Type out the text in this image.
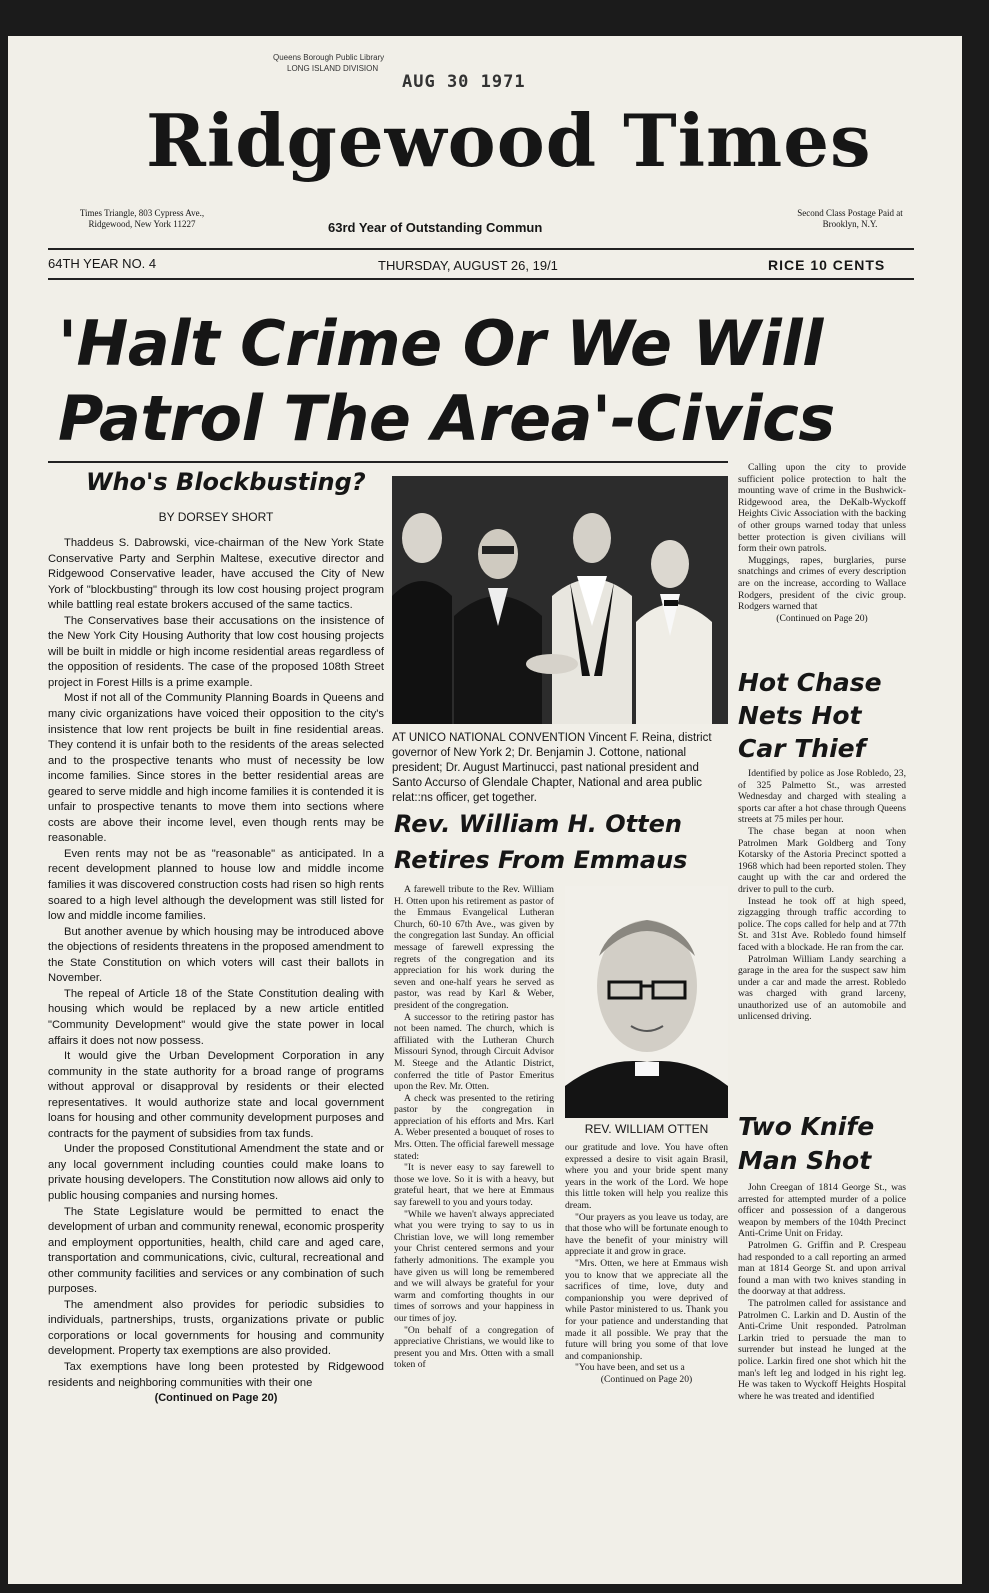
Queens Borough Public Library
LONG ISLAND DIVISION
AUG 30 1971
Ridgewood Times
Times Triangle, 803 Cypress Ave., Ridgewood, New York 11227	63rd Year of Outstanding Commun
Second Class Postage Paid at Brooklyn, N.Y.
64TH YEAR NO. 4	THURSDAY, AUGUST 26, 19/1	RICE 10 CENTS
'Halt Crime Or We Will Patrol The Area'-Civics
Who's Blockbusting?
BY DORSEY SHORT

Thaddeus S. Dabrowski, vice-chairman of the New York State Conservative Party and Serphin Maltese, executive director and Ridgewood Conservative leader, have accused the City of New York of "blockbusting" through its low cost housing project program while battling real estate brokers accused of the same tactics.

The Conservatives base their accusations on the insistence of the New York City Housing Authority that low cost housing projects will be built in middle or high income residential areas regardless of the opposition of residents. The case of the proposed 108th Street project in Forest Hills is a prime example.

Most if not all of the Community Planning Boards in Queens and many civic organizations have voiced their opposition to the city's insistence that low rent projects be built in fine residential areas. They contend it is unfair both to the residents of the areas selected and to the prospective tenants who must of necessity be low income families. Since stores in the better residential areas are geared to serve middle and high income families it is contended it is unfair to prospective tenants to move them into sections where costs are above their income level, even though rents may be reasonable.

Even rents may not be as "reasonable" as anticipated. In a recent development planned to house low and middle income families it was discovered construction costs had risen so high rents soared to a high level although the development was still listed for low and middle income families.

But another avenue by which housing may be introduced above the objections of residents threatens in the proposed amendment to the State Constitution on which voters will cast their ballots in November.

The repeal of Article 18 of the State Constitution dealing with housing which would be replaced by a new article entitled "Community Development" would give the state power in local affairs it does not now possess.

It would give the Urban Development Corporation in any community in the state authority for a broad range of programs without approval or disapproval by residents or their elected representatives. It would authorize state and local government loans for housing and other community development purposes and contracts for the payment of subsidies from tax funds.

Under the proposed Constitutional Amendment the state and or any local government including counties could make loans to private housing developers. The Constitution now allows aid only to public housing companies and nursing homes.

The State Legislature would be permitted to enact the development of urban and community renewal, economic prosperity and employment opportunities, health, child care and aged care, transportation and communications, civic, cultural, recreational and other community facilities and services or any combination of such purposes.

The amendment also provides for periodic subsidies to individuals, partnerships, trusts, organizations private or public corporations or local governments for housing and community development. Property tax exemptions are also provided.

Tax exemptions have long been protested by Ridgewood residents and neighboring communities with their one

(Continued on Page 20)
AT UNICO NATIONAL CONVENTION Vincent F. Reina, district governor of New York 2; Dr. Benjamin J. Cottone, national president; Dr. August Martinucci, past national president and Santo Accurso of Glendale Chapter, National and area public relat::ns officer, get together.
Rev. William H. Otten
Retires From Emmaus

A farewell tribute to the Rev. William H. Otten upon his retirement as pastor of the Emmaus Evangelical Lutheran Church, 60-10 67th Ave., was given by the congregation last Sunday. An official message of farewell expressing the regrets of the congregation and its appreciation for his work during the seven and one-half years he served as pastor, was read by Karl & Weber, president of the congregation.

A successor to the retiring pastor has not been named. The church, which is affiliated with the Lutheran Church Missouri Synod, through Circuit Advisor M. Steege and the Atlantic District, conferred the title of Pastor Emeritus upon the Rev. Mr. Otten.

A check was presented to the retiring pastor by the congregation in appreciation of his efforts and Mrs. Karl A. Weber presented a bouquet of roses to Mrs. Otten. The official farewell message stated:

"It is never easy to say farewell to those we love. So it is with a heavy, but grateful heart, that we here at Emmaus say farewell to you and yours today.

"While we haven't always appreciated what you were trying to say to us in Christian love, we will long remember your Christ centered sermons and your fatherly admonitions. The example you have given us will long be remembered and we will always be grateful for your warm and comforting thoughts in our times of sorrows and your happiness in our times of joy.

"On behalf of a congregation of appreciative Christians, we would like to present you and Mrs. Otten with a small token of

REV. WILLIAM OTTEN

our gratitude and love. You have often expressed a desire to visit again Brasil, where you and your bride spent many years in the work of the Lord. We hope this little token will help you realize this dream.

"Our prayers as you leave us today, are that those who will be fortunate enough to have the benefit of your ministry will appreciate it and grow in grace.

"Mrs. Otten, we here at Emmaus wish you to know that we appreciate all the sacrifices of time, love, duty and companionship you were deprived of while Pastor ministered to us. Thank you for your patience and understanding that made it all possible. We pray that the future will bring you some of that love and companionship.

"You have been, and set us a

(Continued on Page 20)

Calling upon the city to provide sufficient police protection to halt the mounting wave of crime in the Bushwick-Ridgewood area, the DeKalb-Wyckoff Heights Civic Association with the backing of other groups warned today that unless better protection is given civilians will form their own patrols.

Muggings, rapes, burglaries, purse snatchings and crimes of every description are on the increase, according to Wallace Rodgers, president of the civic group. Rodgers warned that

(Continued on Page 20)
Hot Chase
Nets Hot
Car Thief

Identified by police as Jose Robledo, 23, of 325 Palmetto St., was arrested Wednesday and charged with stealing a sports car after a hot chase through Queens streets at 75 miles per hour.

The chase began at noon when Patrolmen Mark Goldberg and Tony Kotarsky of the Astoria Precinct spotted a 1968 which had been reported stolen. They caught up with the car and ordered the driver to pull to the curb.

Instead he took off at high speed, zigzagging through traffic according to police. The cops called for help and at 77th St. and 31st Ave. Robledo found himself faced with a blockade. He ran from the car.

Patrolman William Landy searching a garage in the area for the suspect saw him under a car and made the arrest. Robledo was charged with grand larceny, unauthorized use of an automobile and unlicensed driving.

Two Knife
Man Shot

John Creegan of 1814 George St., was arrested for attempted murder of a police officer and possession of a dangerous weapon by members of the 104th Precinct Anti-Crime Unit on Friday.

Patrolmen G. Griffin and P. Crespeau had responded to a call reporting an armed man at 1814 George St. and upon arrival found a man with two knives standing in the doorway at that address.

The patrolmen called for assistance and Patrolmen C. Larkin and D. Austin of the Anti-Crime Unit responded. Patrolman Larkin tried to persuade the man to surrender but instead he lunged at the police. Larkin fired one shot which hit the man's left leg and lodged in his right leg. He was taken to Wyckoff Heights Hospital where he was treated and identified
